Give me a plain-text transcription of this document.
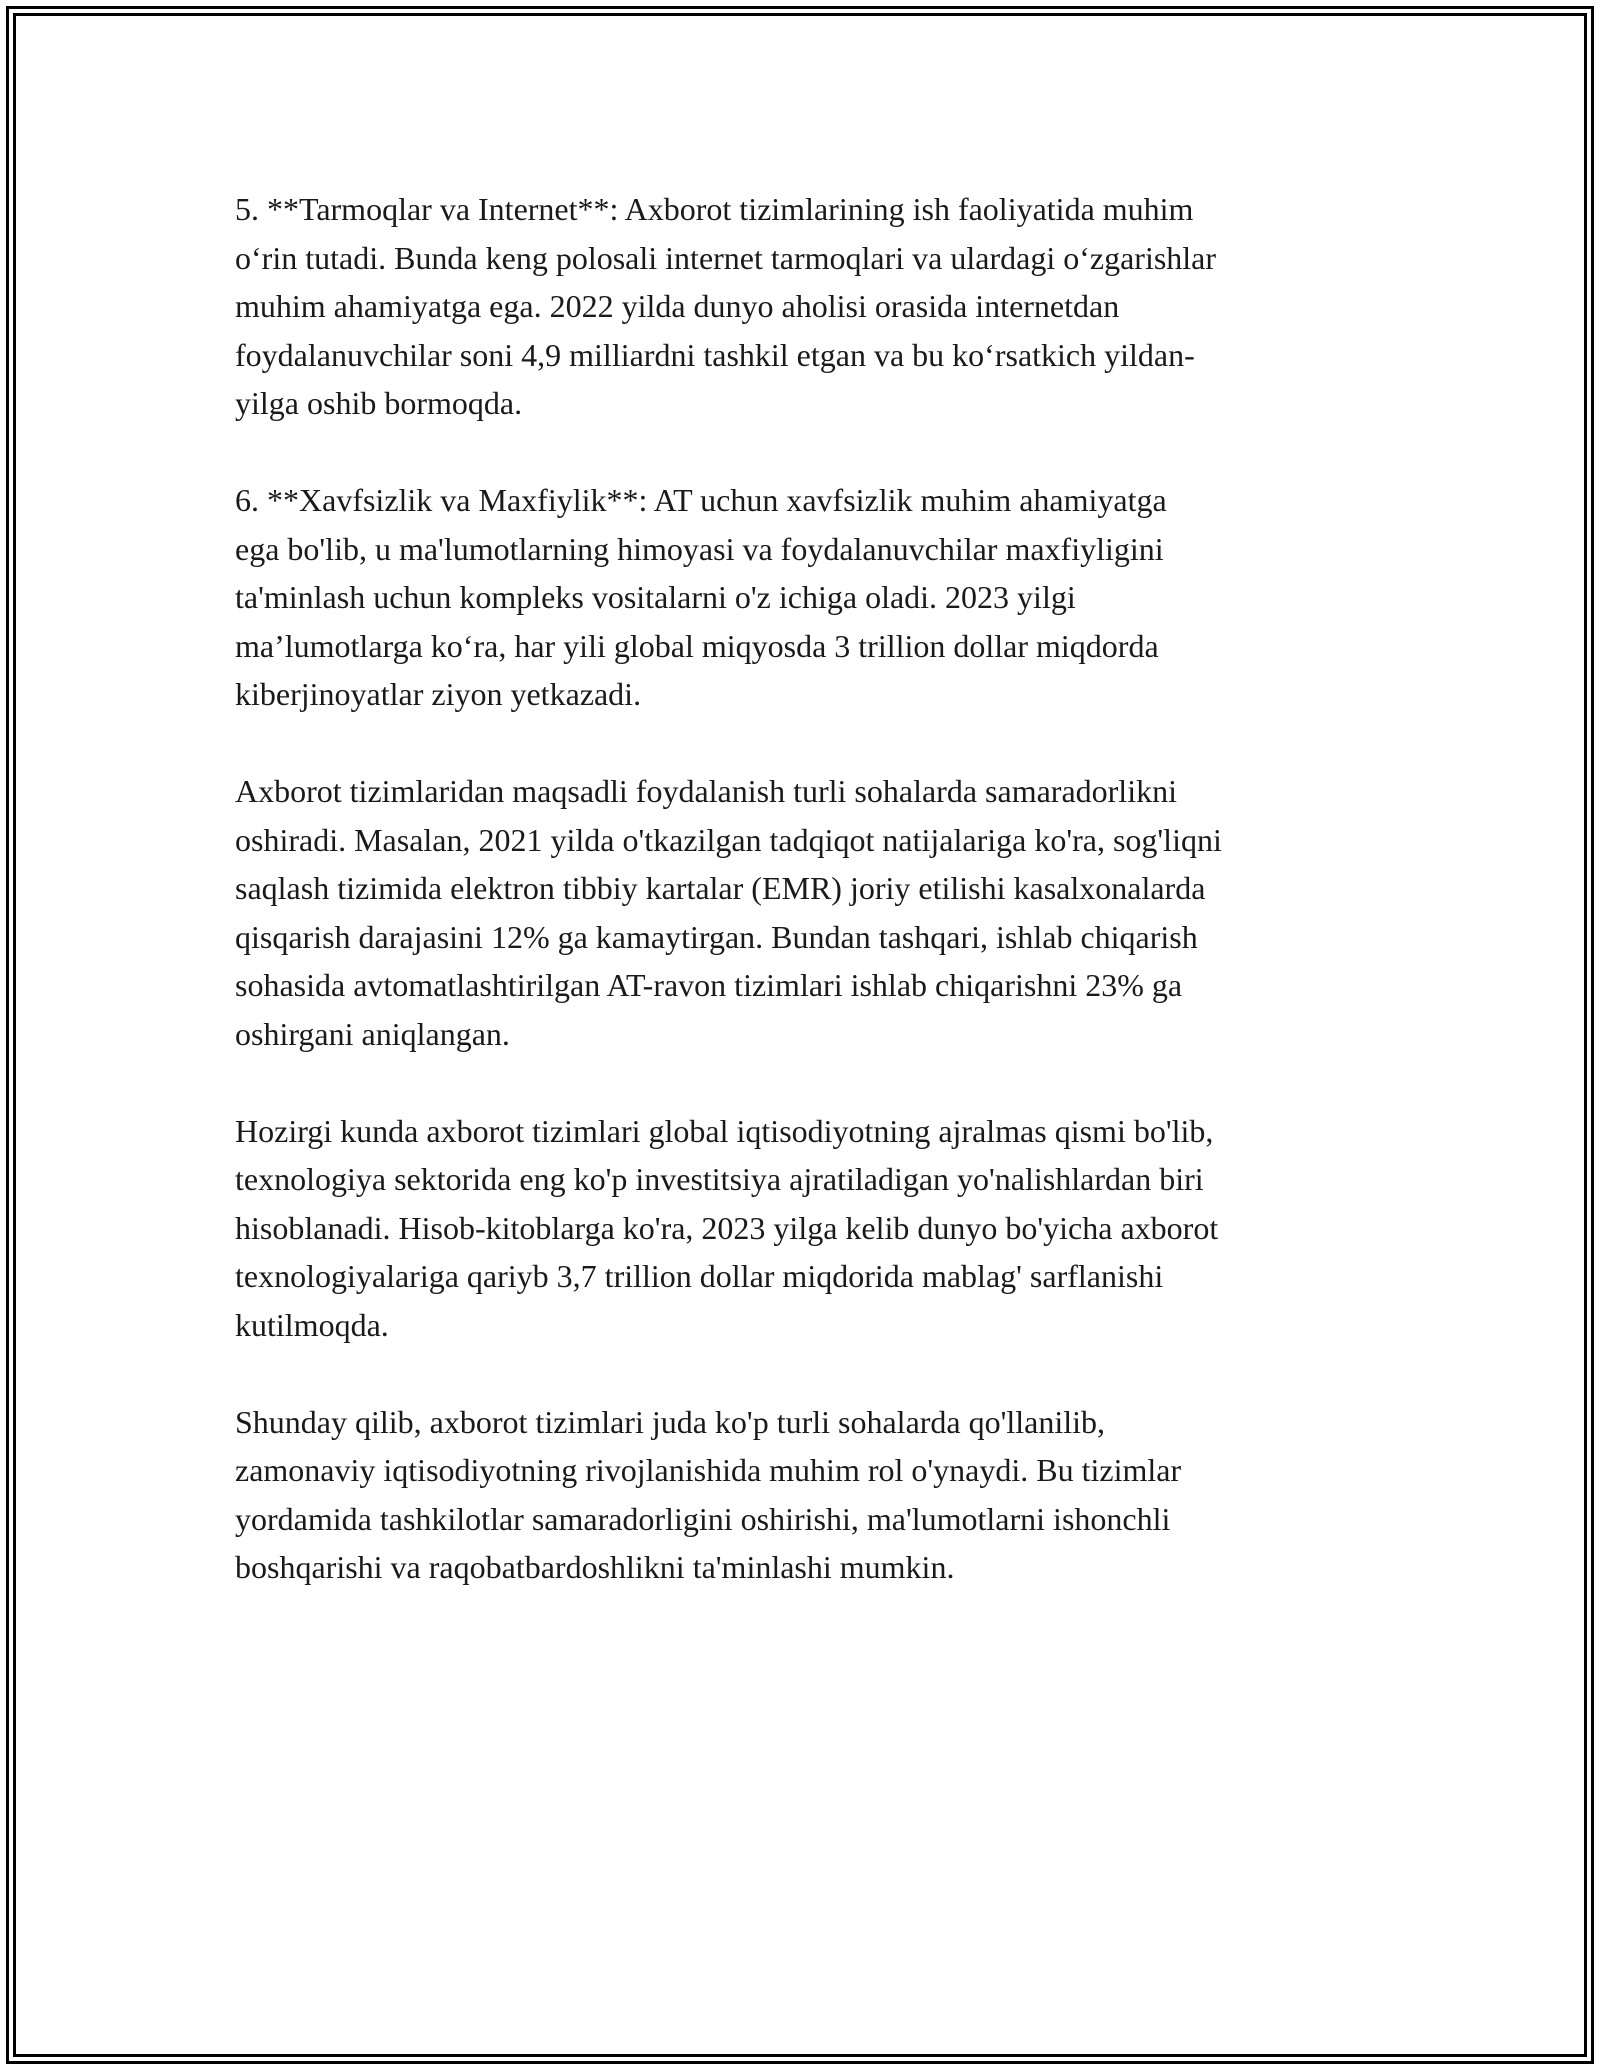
5. **Tarmoqlar va Internet**: Axborot tizimlarining ish faoliyatida muhim
o‘rin tutadi. Bunda keng polosali internet tarmoqlari va ulardagi o‘zgarishlar
muhim ahamiyatga ega. 2022 yilda dunyo aholisi orasida internetdan
foydalanuvchilar soni 4,9 milliardni tashkil etgan va bu ko‘rsatkich yildan-
yilga oshib bormoqda.

6. **Xavfsizlik va Maxfiylik**: AT uchun xavfsizlik muhim ahamiyatga
ega bo'lib, u ma'lumotlarning himoyasi va foydalanuvchilar maxfiyligini
ta'minlash uchun kompleks vositalarni o'z ichiga oladi. 2023 yilgi
ma’lumotlarga ko‘ra, har yili global miqyosda 3 trillion dollar miqdorda
kiberjinoyatlar ziyon yetkazadi.

Axborot tizimlaridan maqsadli foydalanish turli sohalarda samaradorlikni
oshiradi. Masalan, 2021 yilda o'tkazilgan tadqiqot natijalariga ko'ra, sog'liqni
saqlash tizimida elektron tibbiy kartalar (EMR) joriy etilishi kasalxonalarda
qisqarish darajasini 12% ga kamaytirgan. Bundan tashqari, ishlab chiqarish
sohasida avtomatlashtirilgan AT-ravon tizimlari ishlab chiqarishni 23% ga
oshirgani aniqlangan.

Hozirgi kunda axborot tizimlari global iqtisodiyotning ajralmas qismi bo'lib,
texnologiya sektorida eng ko'p investitsiya ajratiladigan yo'nalishlardan biri
hisoblanadi. Hisob-kitoblarga ko'ra, 2023 yilga kelib dunyo bo'yicha axborot
texnologiyalariga qariyb 3,7 trillion dollar miqdorida mablag' sarflanishi
kutilmoqda.

Shunday qilib, axborot tizimlari juda ko'p turli sohalarda qo'llanilib,
zamonaviy iqtisodiyotning rivojlanishida muhim rol o'ynaydi. Bu tizimlar
yordamida tashkilotlar samaradorligini oshirishi, ma'lumotlarni ishonchli
boshqarishi va raqobatbardoshlikni ta'minlashi mumkin.
